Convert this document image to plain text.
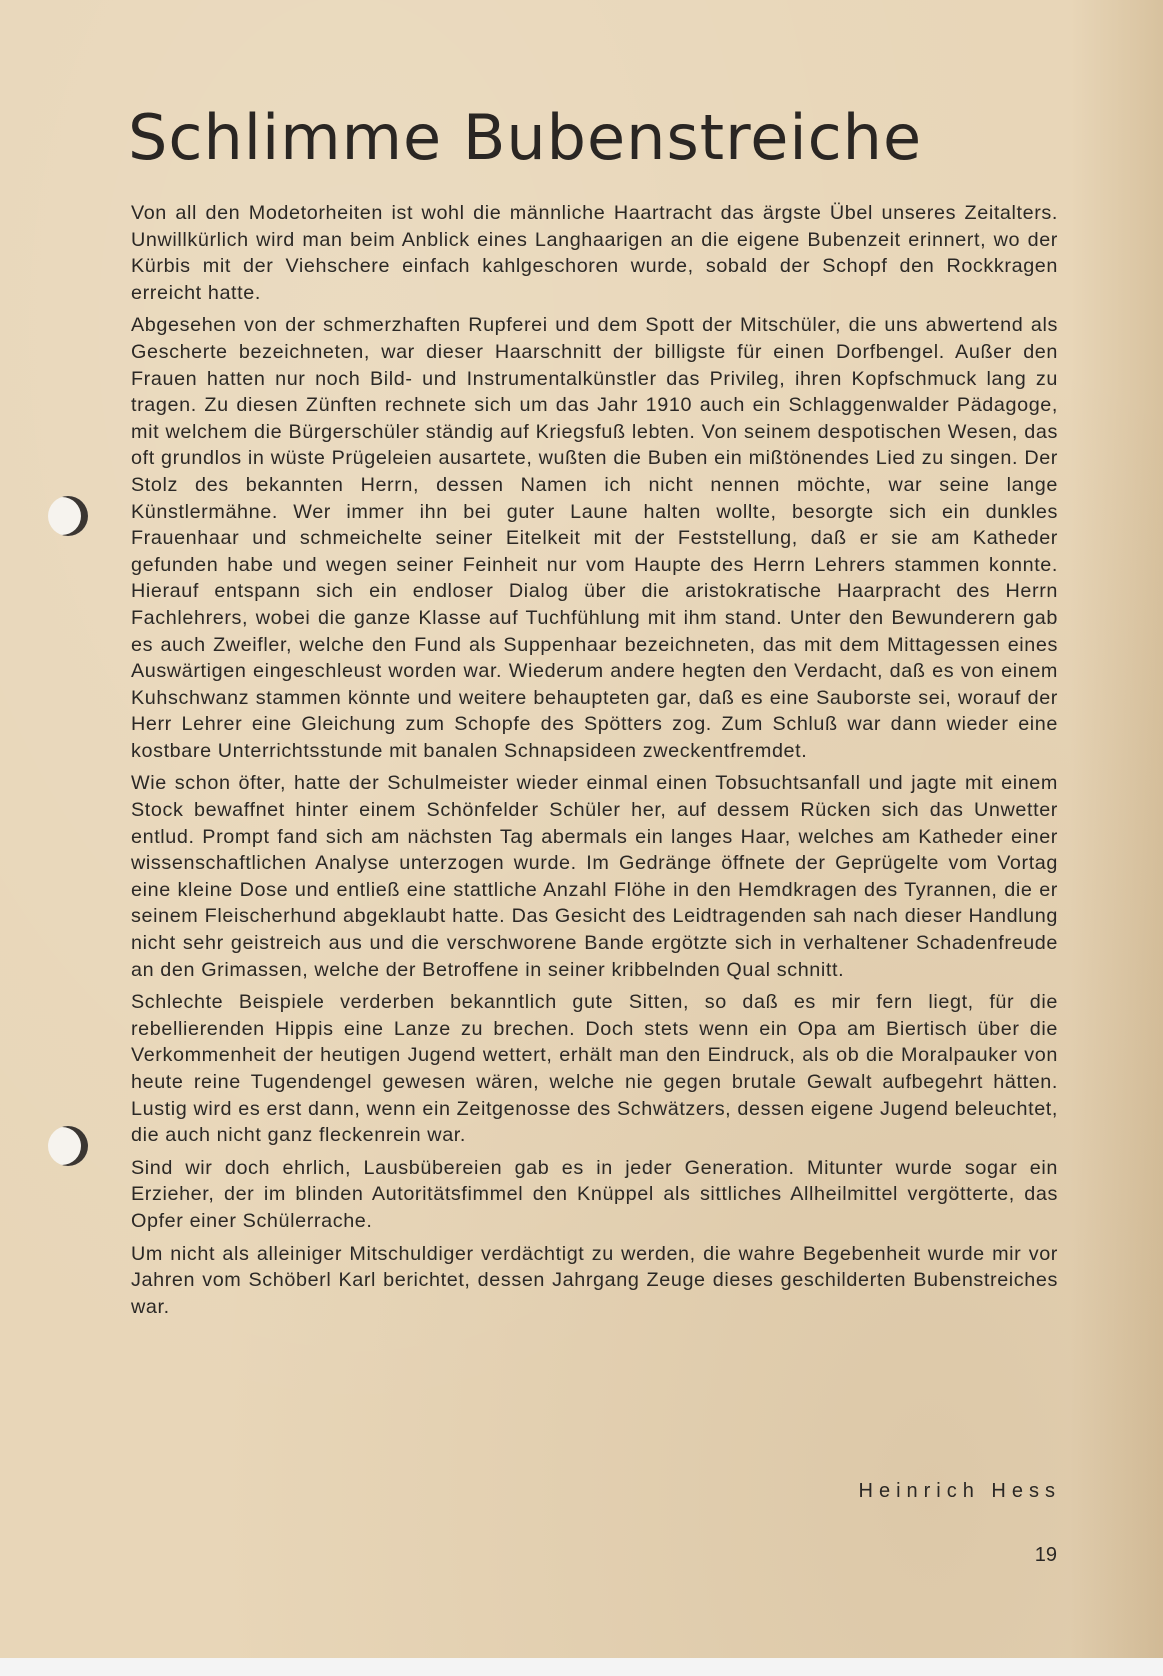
Schlimme Bubenstreiche

Von all den Modetorheiten ist wohl die männliche Haartracht das ärgste Übel unseres Zeitalters. Unwillkürlich wird man beim Anblick eines Langhaarigen an die eigene Bubenzeit erinnert, wo der Kürbis mit der Viehschere einfach kahlgeschoren wurde, sobald der Schopf den Rockkragen erreicht hatte.

Abgesehen von der schmerzhaften Rupferei und dem Spott der Mitschüler, die uns abwertend als Gescherte bezeichneten, war dieser Haarschnitt der billigste für einen Dorfbengel. Außer den Frauen hatten nur noch Bild- und Instrumentalkünstler das Privileg, ihren Kopfschmuck lang zu tragen. Zu diesen Zünften rechnete sich um das Jahr 1910 auch ein Schlaggenwalder Pädagoge, mit welchem die Bürgerschüler ständig auf Kriegsfuß lebten. Von seinem despotischen Wesen, das oft grundlos in wüste Prügeleien ausartete, wußten die Buben ein mißtönendes Lied zu singen. Der Stolz des bekannten Herrn, dessen Namen ich nicht nennen möchte, war seine lange Künstlermähne. Wer immer ihn bei guter Laune halten wollte, besorgte sich ein dunkles Frauenhaar und schmeichelte seiner Eitelkeit mit der Feststellung, daß er sie am Katheder gefunden habe und wegen seiner Feinheit nur vom Haupte des Herrn Lehrers stammen konnte. Hierauf entspann sich ein endloser Dialog über die aristokratische Haarpracht des Herrn Fachlehrers, wobei die ganze Klasse auf Tuchfühlung mit ihm stand. Unter den Bewunderern gab es auch Zweifler, welche den Fund als Suppenhaar bezeichneten, das mit dem Mittagessen eines Auswärtigen eingeschleust worden war. Wiederum andere hegten den Verdacht, daß es von einem Kuhschwanz stammen könnte und weitere behaupteten gar, daß es eine Sauborste sei, worauf der Herr Lehrer eine Gleichung zum Schopfe des Spötters zog. Zum Schluß war dann wieder eine kostbare Unterrichtsstunde mit banalen Schnapsideen zweckentfremdet.

Wie schon öfter, hatte der Schulmeister wieder einmal einen Tobsuchtsanfall und jagte mit einem Stock bewaffnet hinter einem Schönfelder Schüler her, auf dessem Rücken sich das Unwetter entlud. Prompt fand sich am nächsten Tag abermals ein langes Haar, welches am Katheder einer wissenschaftlichen Analyse unterzogen wurde. Im Gedränge öffnete der Geprügelte vom Vortag eine kleine Dose und entließ eine stattliche Anzahl Flöhe in den Hemdkragen des Tyrannen, die er seinem Fleischerhund abgeklaubt hatte. Das Gesicht des Leidtragenden sah nach dieser Handlung nicht sehr geistreich aus und die verschworene Bande ergötzte sich in verhaltener Schadenfreude an den Grimassen, welche der Betroffene in seiner kribbelnden Qual schnitt.

Schlechte Beispiele verderben bekanntlich gute Sitten, so daß es mir fern liegt, für die rebellierenden Hippis eine Lanze zu brechen. Doch stets wenn ein Opa am Biertisch über die Verkommenheit der heutigen Jugend wettert, erhält man den Eindruck, als ob die Moralpauker von heute reine Tugendengel gewesen wären, welche nie gegen brutale Gewalt aufbegehrt hätten. Lustig wird es erst dann, wenn ein Zeitgenosse des Schwätzers, dessen eigene Jugend beleuchtet, die auch nicht ganz fleckenrein war.

Sind wir doch ehrlich, Lausbübereien gab es in jeder Generation. Mitunter wurde sogar ein Erzieher, der im blinden Autoritätsfimmel den Knüppel als sittliches Allheilmittel vergötterte, das Opfer einer Schülerrache.

Um nicht als alleiniger Mitschuldiger verdächtigt zu werden, die wahre Begebenheit wurde mir vor Jahren vom Schöberl Karl berichtet, dessen Jahrgang Zeuge dieses geschilderten Bubenstreiches war.

Heinrich Hess
19
